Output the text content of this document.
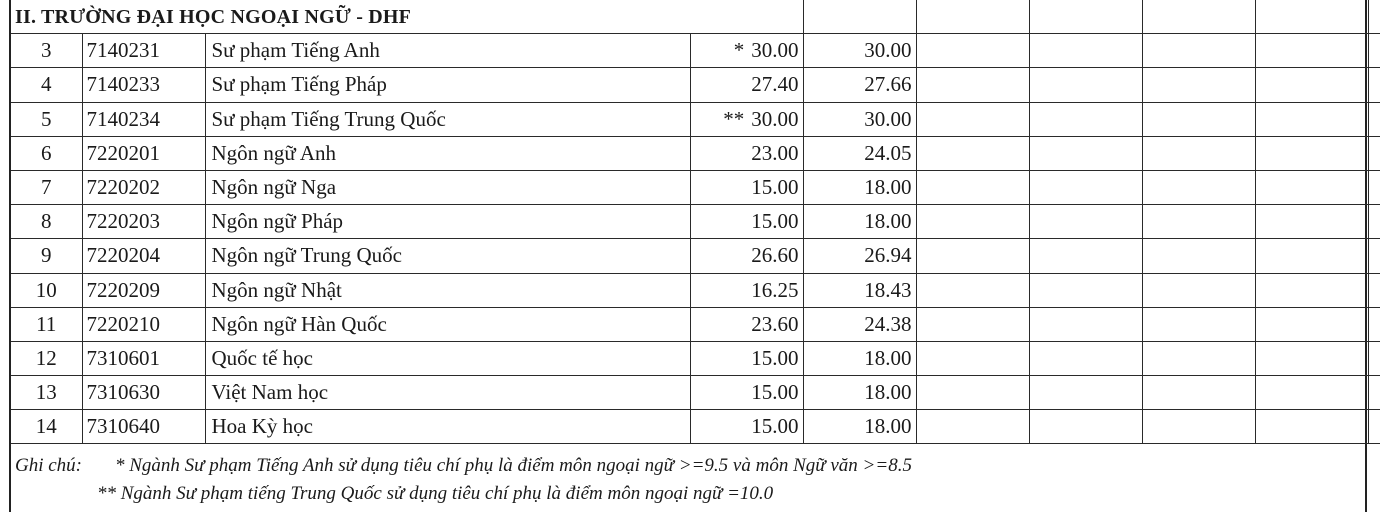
II. TRƯỜNG ĐẠI HỌC NGOẠI NGỮ - DHF									
3	7140231	Sư phạm Tiếng Anh	* 30.00	30.00					
4	7140233	Sư phạm Tiếng Pháp	27.40	27.66					
5	7140234	Sư phạm Tiếng Trung Quốc	** 30.00	30.00					
6	7220201	Ngôn ngữ Anh	23.00	24.05					
7	7220202	Ngôn ngữ Nga	15.00	18.00					
8	7220203	Ngôn ngữ Pháp	15.00	18.00					
9	7220204	Ngôn ngữ Trung Quốc	26.60	26.94					
10	7220209	Ngôn ngữ Nhật	16.25	18.43					
11	7220210	Ngôn ngữ Hàn Quốc	23.60	24.38					
12	7310601	Quốc tế học	15.00	18.00					
13	7310630	Việt Nam học	15.00	18.00					
14	7310640	Hoa Kỳ học	15.00	18.00					
Ghi chú: * Ngành Sư phạm Tiếng Anh sử dụng tiêu chí phụ là điểm môn ngoại ngữ >=9.5 và môn Ngữ văn >=8.5
** Ngành Sư phạm tiếng Trung Quốc sử dụng tiêu chí phụ là điểm môn ngoại ngữ =10.0
